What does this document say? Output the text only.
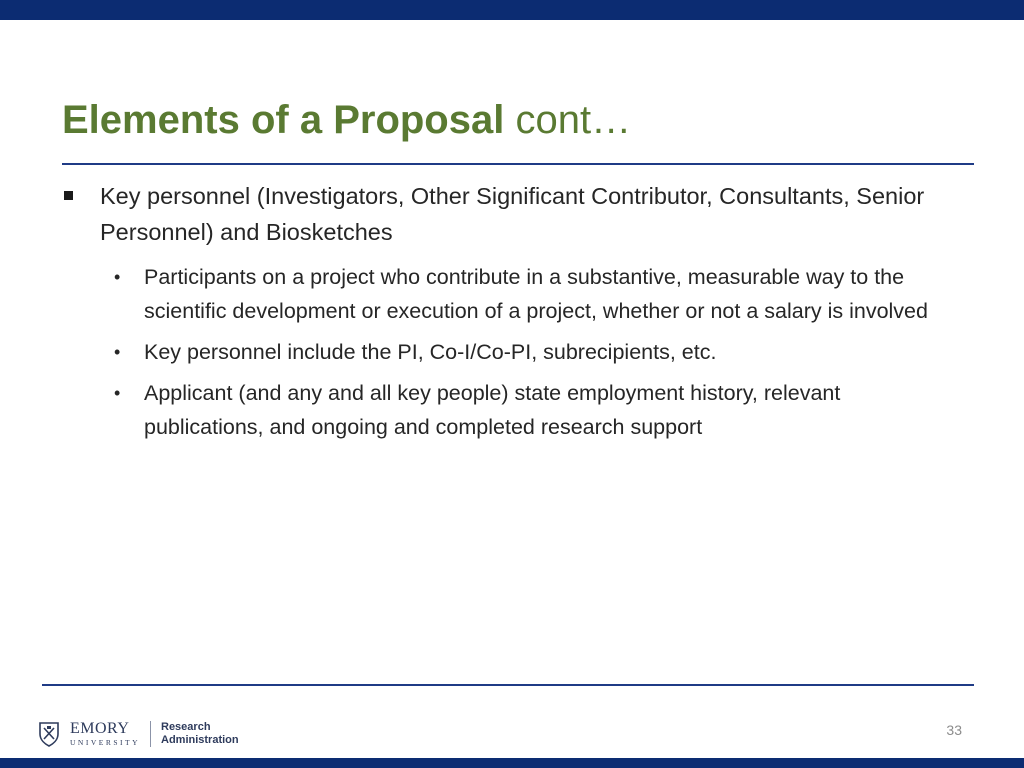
Elements of a Proposal cont…
Key personnel (Investigators, Other Significant Contributor, Consultants, Senior Personnel) and Biosketches
• Participants on a project who contribute in a substantive, measurable way to the scientific development or execution of a project, whether or not a salary is involved
• Key personnel include the PI, Co-I/Co-PI, subrecipients, etc.
• Applicant (and any and all key people) state employment history, relevant publications, and ongoing and completed research support
EMORY
UNIVERSITY
Research
Administration
33
